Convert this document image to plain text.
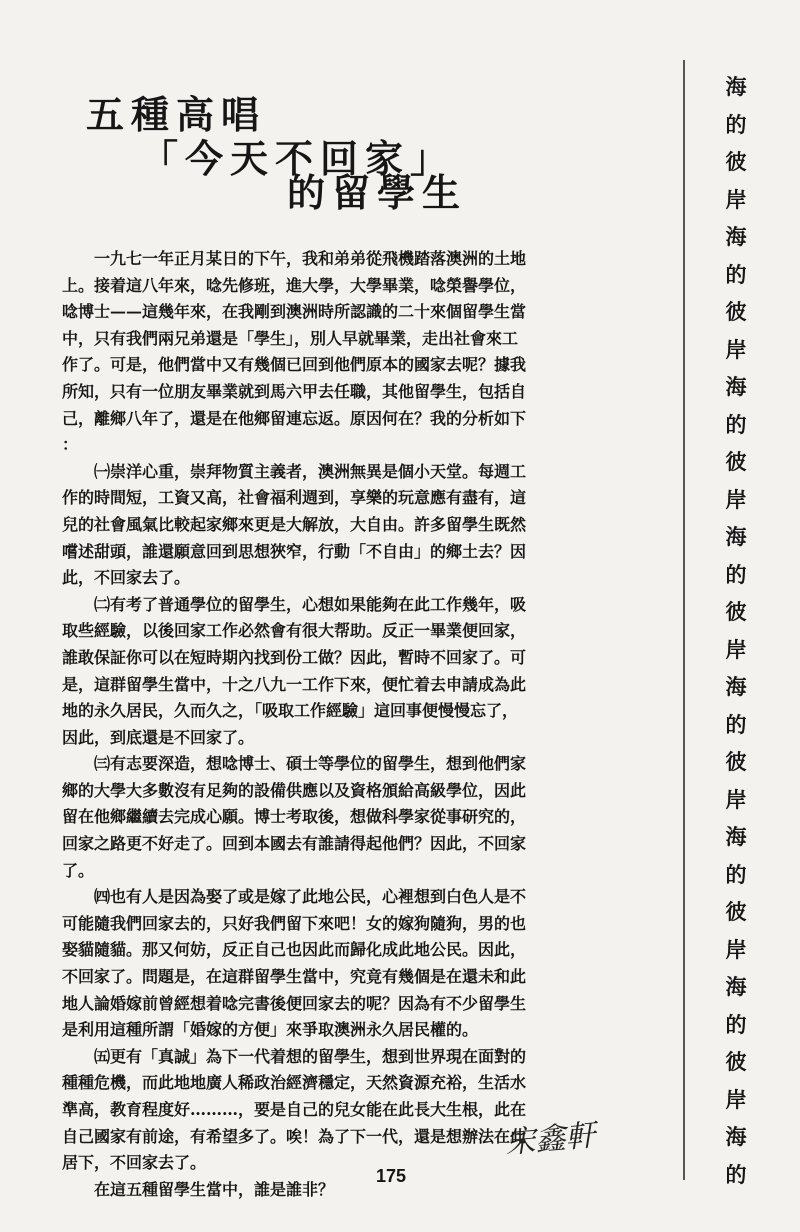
五種高唱
「今天不回家」
的留學生
　　一九七一年正月某日的下午，我和弟弟從飛機踏落澳洲的土地
上。接着這八年來，唸先修班，進大學，大學畢業，唸榮譽學位，
唸博士——這幾年來，在我剛到澳洲時所認識的二十來個留學生當
中，只有我們兩兄弟還是「學生」，別人早就畢業，走出社會來工
作了。可是，他們當中又有幾個已回到他們原本的國家去呢？據我
所知，只有一位朋友畢業就到馬六甲去任職，其他留學生，包括自
己，離鄉八年了，還是在他鄉留連忘返。原因何在？我的分析如下
：
　　㈠崇洋心重，崇拜物質主義者，澳洲無異是個小天堂。每週工
作的時間短，工資又高，社會福利週到，享樂的玩意應有盡有，這
兒的社會風氣比較起家鄉來更是大解放，大自由。許多留學生既然
嚐述甜頭，誰還願意回到思想狹窄，行動「不自由」的鄉土去？因
此，不回家去了。
　　㈡有考了普通學位的留學生，心想如果能夠在此工作幾年，吸
取些經驗，以後回家工作必然會有很大帮助。反正一畢業便回家，
誰敢保証你可以在短時期內找到份工做？因此，暫時不回家了。可
是，這群留學生當中，十之八九一工作下來，便忙着去申請成為此
地的永久居民，久而久之，「吸取工作經驗」這回事便慢慢忘了，
因此，到底還是不回家了。
　　㈢有志要深造，想唸博士、碩士等學位的留學生，想到他們家
鄉的大學大多數沒有足夠的設備供應以及資格頒給高級學位，因此
留在他鄉繼續去完成心願。博士考取後，想做科學家從事研究的，
回家之路更不好走了。回到本國去有誰請得起他們？因此，不回家
了。
　　㈣也有人是因為娶了或是嫁了此地公民，心裡想到白色人是不
可能隨我們回家去的，只好我們留下來吧！女的嫁狗隨狗，男的也
娶貓隨貓。那又何妨，反正自己也因此而歸化成此地公民。因此，
不回家了。問題是，在這群留學生當中，究竟有幾個是在還未和此
地人論婚嫁前曾經想着唸完書後便回家去的呢？因為有不少留學生
是利用這種所謂「婚嫁的方便」來爭取澳洲永久居民權的。
　　㈤更有「真誠」為下一代着想的留學生，想到世界現在面對的
種種危機，而此地地廣人稀政治經濟穩定，天然資源充裕，生活水
準高，教育程度好………，要是自己的兒女能在此長大生根，此在
自己國家有前途，有希望多了。唉！為了下一代，還是想辦法在此
居下，不回家去了。
　　在這五種留學生當中，誰是誰非？
宋鑫軒
175
海
的
彼
岸
海
的
彼
岸
海
的
彼
岸
海
的
彼
岸
海
的
彼
岸
海
的
彼
岸
海
的
彼
岸
海
的
